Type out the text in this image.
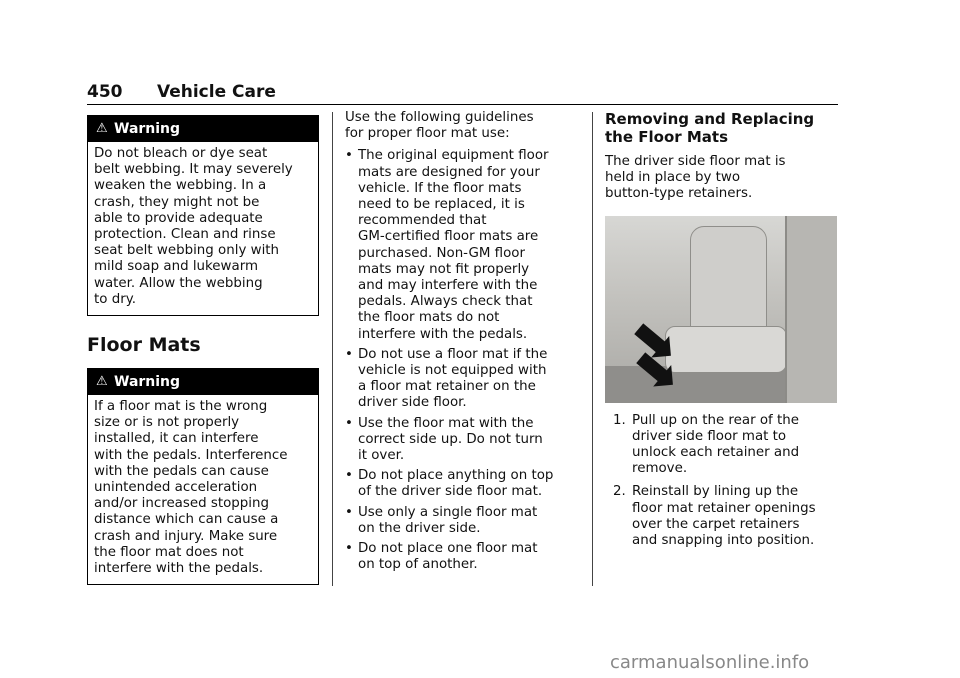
450 Vehicle Care
⚠ Warning
Do not bleach or dye seat
belt webbing. It may severely
weaken the webbing. In a
crash, they might not be
able to provide adequate
protection. Clean and rinse
seat belt webbing only with
mild soap and lukewarm
water. Allow the webbing
to dry.
Floor Mats
⚠ Warning
If a floor mat is the wrong
size or is not properly
installed, it can interfere
with the pedals. Interference
with the pedals can cause
unintended acceleration
and/or increased stopping
distance which can cause a
crash and injury. Make sure
the floor mat does not
interfere with the pedals.
Use the following guidelines
for proper floor mat use:
• The original equipment floor
mats are designed for your
vehicle. If the floor mats
need to be replaced, it is
recommended that
GM-certified floor mats are
purchased. Non-GM floor
mats may not fit properly
and may interfere with the
pedals. Always check that
the floor mats do not
interfere with the pedals.
• Do not use a floor mat if the
vehicle is not equipped with
a floor mat retainer on the
driver side floor.
• Use the floor mat with the
correct side up. Do not turn
it over.
• Do not place anything on top
of the driver side floor mat.
• Use only a single floor mat
on the driver side.
• Do not place one floor mat
on top of another.
Removing and Replacing
the Floor Mats
The driver side floor mat is
held in place by two
button-type retainers.
1. Pull up on the rear of the
driver side floor mat to
unlock each retainer and
remove.
2. Reinstall by lining up the
floor mat retainer openings
over the carpet retainers
and snapping into position.
carmanualsonline.info
